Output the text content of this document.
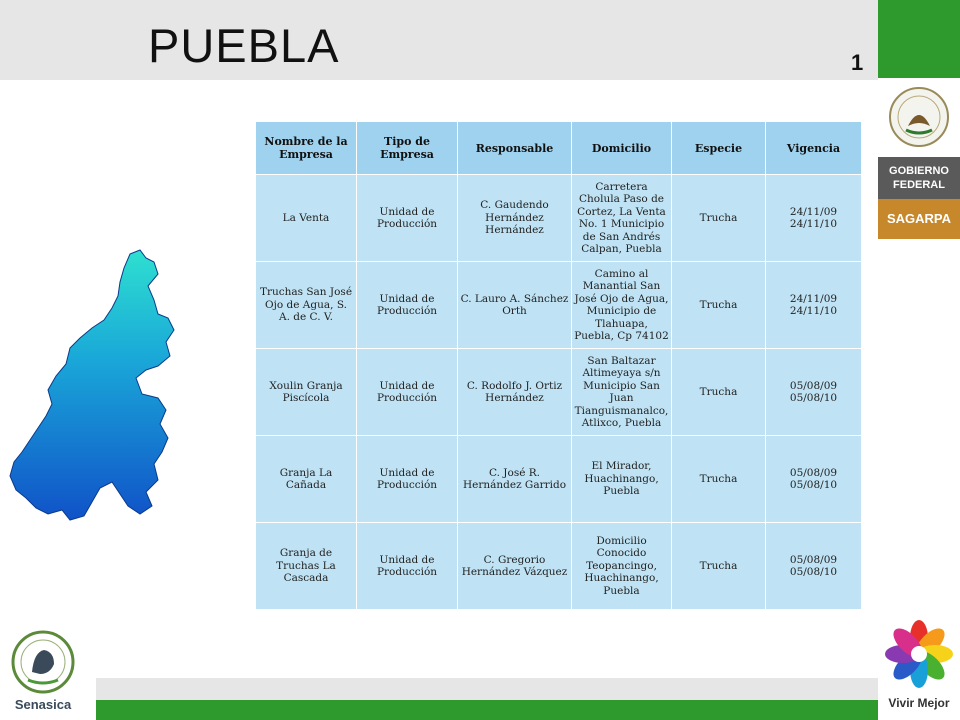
PUEBLA	1
Nombre de la Empresa	Tipo de Empresa	Responsable	Domicilio	Especie	Vigencia
La Venta	Unidad de Producción	C. Gaudendo Hernández Hernández	Carretera Cholula Paso de Cortez, La Venta No. 1 Municipio de San Andrés Calpan, Puebla	Trucha	24/11/09
24/11/10
Truchas San José Ojo de Agua, S. A. de C. V.	Unidad de Producción	C. Lauro A. Sánchez Orth	Camino al Manantial San José Ojo de Agua, Municipio de Tlahuapa, Puebla, Cp 74102	Trucha	24/11/09
24/11/10
Xoulin Granja Piscícola	Unidad de Producción	C. Rodolfo J. Ortiz Hernández	San Baltazar Altimeyaya s/n Municipio San Juan Tianguismanalco, Atlixco, Puebla	Trucha	05/08/09
05/08/10
Granja La Cañada	Unidad de Producción	C. José R. Hernández Garrido	El Mirador, Huachinango, Puebla	Trucha	05/08/09
05/08/10
Granja de Truchas La Cascada	Unidad de Producción	C. Gregorio Hernández Vázquez	Domicilio Conocido Teopancingo, Huachinango, Puebla	Trucha	05/08/09
05/08/10
GOBIERNO FEDERAL
SAGARPA
Vivir Mejor
Senasica
